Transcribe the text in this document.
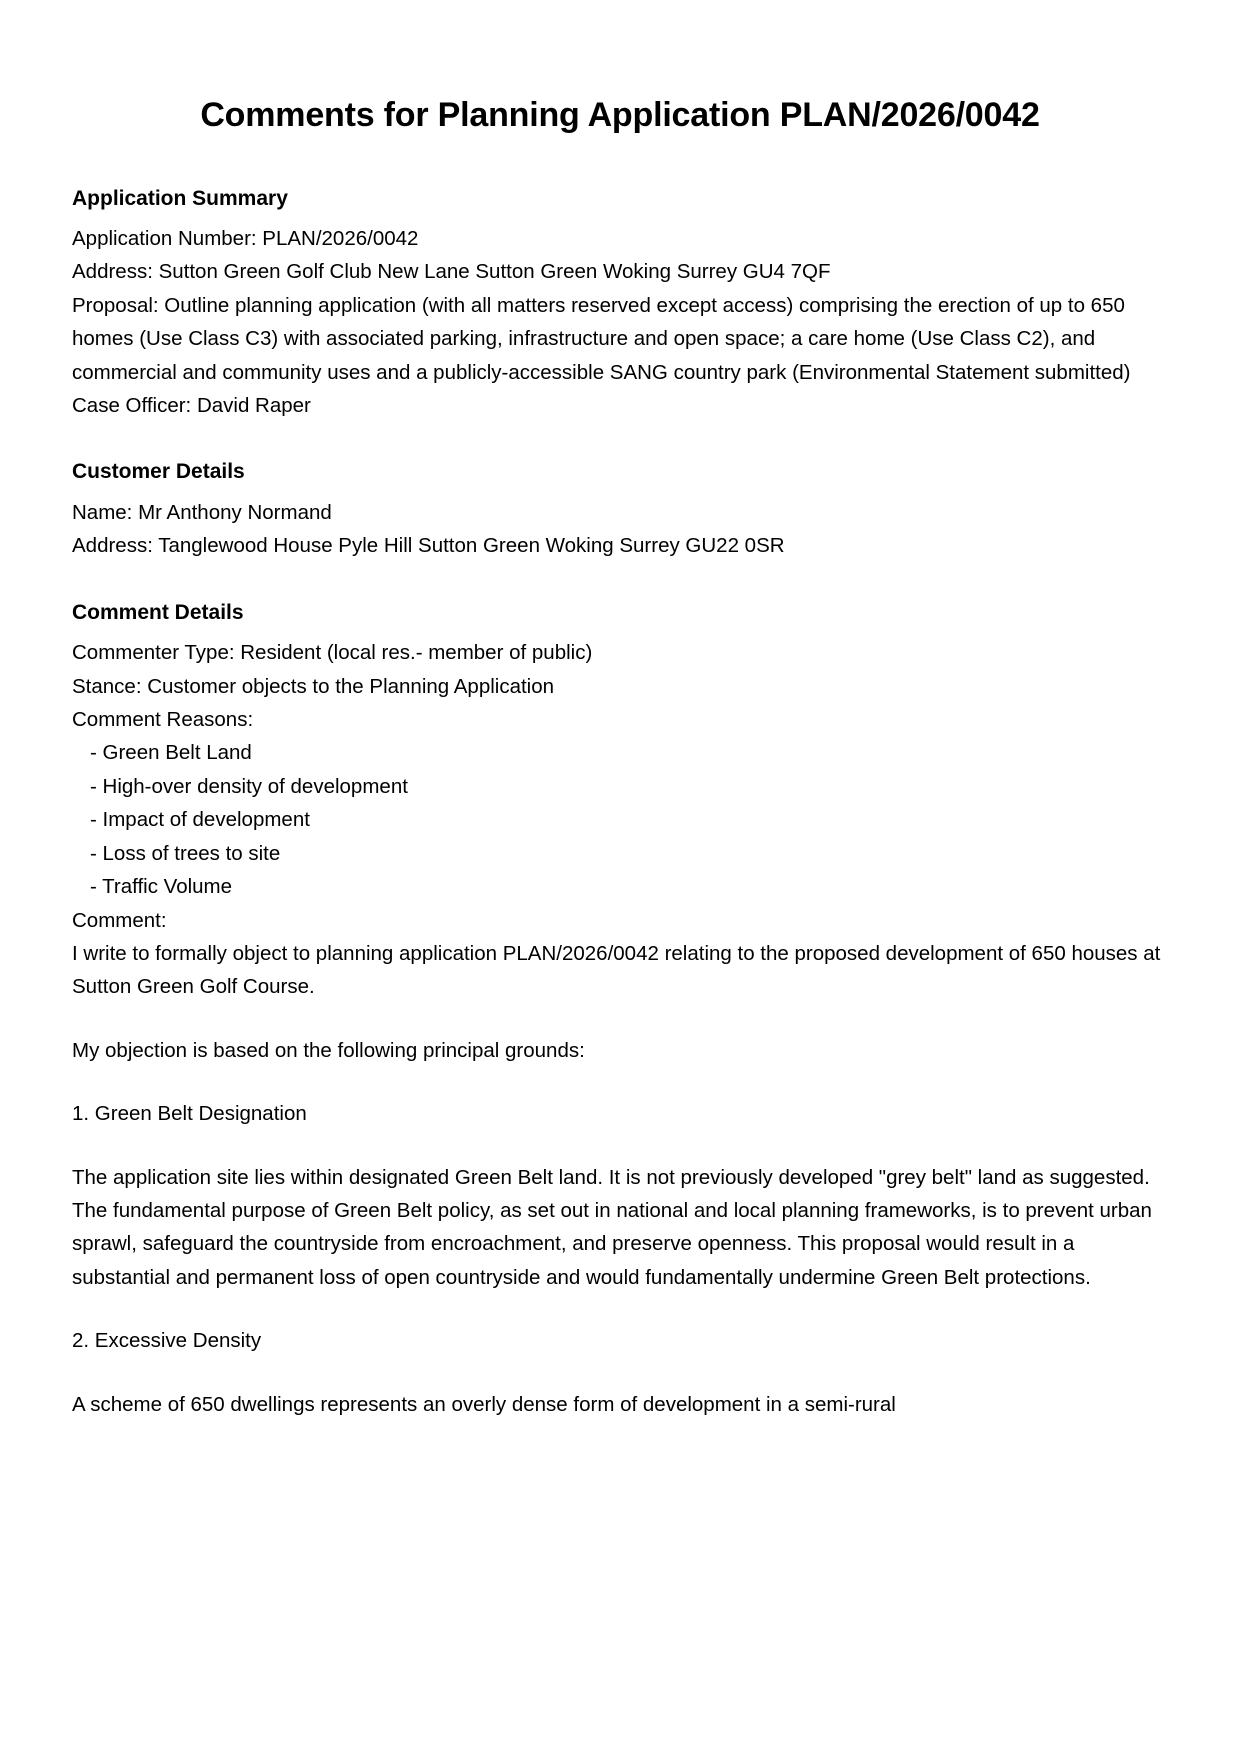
Comments for Planning Application PLAN/2026/0042
Application Summary

Application Number: PLAN/2026/0042

Address: Sutton Green Golf Club New Lane Sutton Green Woking Surrey GU4 7QF

Proposal: Outline planning application (with all matters reserved except access) comprising the erection of up to 650 homes (Use Class C3) with associated parking, infrastructure and open space; a care home (Use Class C2), and commercial and community uses and a publicly-accessible SANG country park (Environmental Statement submitted)

Case Officer: David Raper

Customer Details

Name: Mr Anthony Normand

Address: Tanglewood House Pyle Hill Sutton Green Woking Surrey GU22 0SR

Comment Details

Commenter Type: Resident (local res.- member of public)

Stance: Customer objects to the Planning Application

Comment Reasons:

- Green Belt Land

- High-over density of development

- Impact of development

- Loss of trees to site

- Traffic Volume

Comment:

I write to formally object to planning application PLAN/2026/0042 relating to the proposed development of 650 houses at Sutton Green Golf Course.

My objection is based on the following principal grounds:

1. Green Belt Designation

The application site lies within designated Green Belt land. It is not previously developed "grey belt" land as suggested. The fundamental purpose of Green Belt policy, as set out in national and local planning frameworks, is to prevent urban sprawl, safeguard the countryside from encroachment, and preserve openness. This proposal would result in a substantial and permanent loss of open countryside and would fundamentally undermine Green Belt protections.

2. Excessive Density

A scheme of 650 dwellings represents an overly dense form of development in a semi-rural
